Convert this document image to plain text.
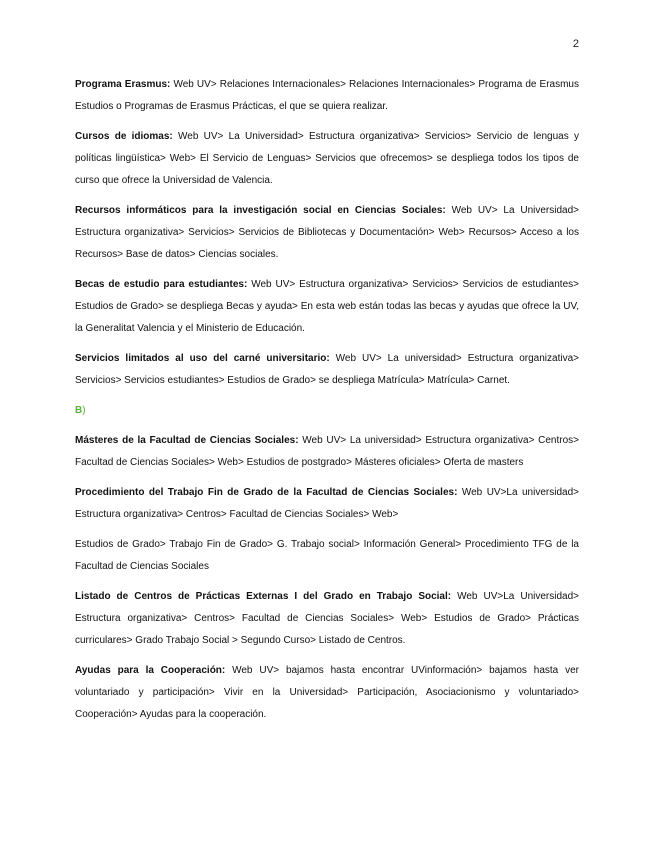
2

Programa Erasmus: Web UV> Relaciones Internacionales> Relaciones Internacionales> Programa de Erasmus Estudios o Programas de Erasmus Prácticas, el que se quiera realizar.

Cursos de idiomas: Web UV> La Universidad> Estructura organizativa> Servicios> Servicio de lenguas y políticas lingüística> Web> El Servicio de Lenguas> Servicios que ofrecemos> se despliega todos los tipos de curso que ofrece la Universidad de Valencia.

Recursos informáticos para la investigación social en Ciencias Sociales: Web UV> La Universidad> Estructura organizativa> Servicios> Servicios de Bibliotecas y Documentación> Web> Recursos> Acceso a los Recursos> Base de datos> Ciencias sociales.

Becas de estudio para estudiantes: Web UV> Estructura organizativa> Servicios> Servicios de estudiantes> Estudios de Grado> se despliega Becas y ayuda> En esta web están todas las becas y ayudas que ofrece la UV, la Generalitat Valencia y el Ministerio de Educación.

Servicios limitados al uso del carné universitario: Web UV> La universidad> Estructura organizativa> Servicios> Servicios estudiantes> Estudios de Grado> se despliega Matrícula> Matrícula> Carnet.

B)

Másteres de la Facultad de Ciencias Sociales: Web UV> La universidad> Estructura organizativa> Centros> Facultad de Ciencias Sociales> Web> Estudios de postgrado> Másteres oficiales> Oferta de masters

Procedimiento del Trabajo Fin de Grado de la Facultad de Ciencias Sociales: Web UV>La universidad> Estructura organizativa> Centros> Facultad de Ciencias Sociales> Web>

Estudios de Grado> Trabajo Fin de Grado> G. Trabajo social> Información General> Procedimiento TFG de la Facultad de Ciencias Sociales

Listado de Centros de Prácticas Externas I del Grado en Trabajo Social: Web UV>La Universidad> Estructura organizativa> Centros> Facultad de Ciencias Sociales> Web> Estudios de Grado> Prácticas curriculares> Grado Trabajo Social > Segundo Curso> Listado de Centros.

Ayudas para la Cooperación: Web UV> bajamos hasta encontrar UVinformación> bajamos hasta ver voluntariado y participación> Vivir en la Universidad> Participación, Asociacionismo y voluntariado> Cooperación> Ayudas para la cooperación.
